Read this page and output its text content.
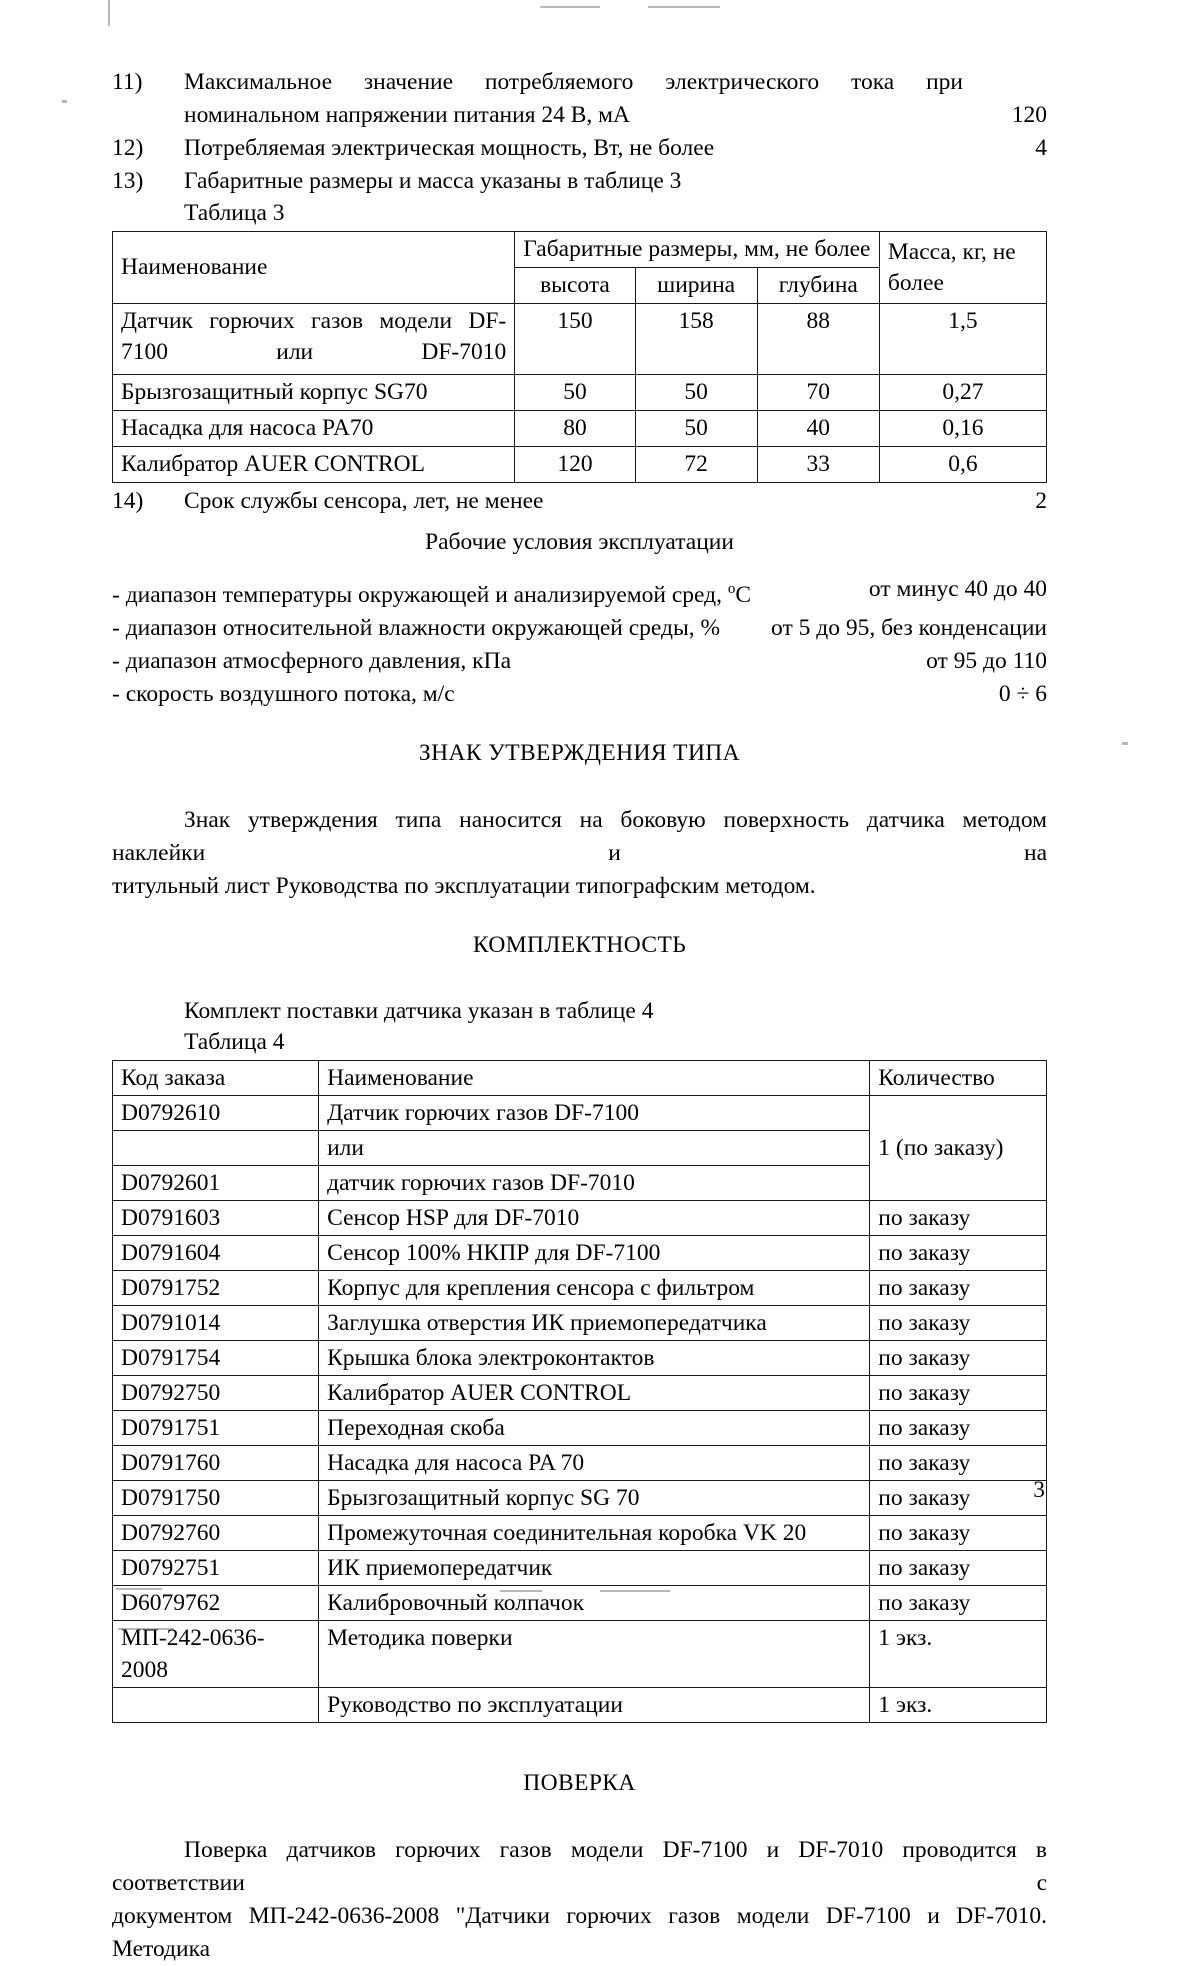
11)	Максимальное значение потребляемого электрического тока при
номинальном напряжении питания 24 В, мА	120
12)	Потребляемая электрическая мощность, Вт, не более	4
13)	Габаритные размеры и масса указаны в таблице 3
Таблица 3
Наименование	Габаритные размеры, мм, не более			Масса, кг, не более
	высота	ширина	глубина	
Датчик горючих газов модели DF-7100 или DF-7010	150	158	88	1,5
Брызгозащитный корпус SG70	50	50	70	0,27
Насадка для насоса PA70	80	50	40	0,16
Калибратор AUER CONTROL	120	72	33	0,6
14)	Срок службы сенсора, лет, не менее	2
Рабочие условия эксплуатации
- диапазон температуры окружающей и анализируемой сред, $^о$С	от минус 40 до 40
- диапазон относительной влажности окружающей среды, %	от 5 до 95, без конденсации
- диапазон атмосферного давления, кПа	от 95 до 110
- скорость воздушного потока, м/с	0 ÷ 6
ЗНАК УТВЕРЖДЕНИЯ ТИПА
Знак утверждения типа наносится на боковую поверхность датчика методом наклейки и на
титульный лист Руководства по эксплуатации типографским методом.
КОМПЛЕКТНОСТЬ
Комплект поставки датчика указан в таблице 4
Таблица 4
Код заказа	Наименование	Количество
D0792610	Датчик горючих газов DF-7100	1 (по заказу)
	или	
D0792601	датчик горючих газов DF-7010	
D0791603	Сенсор HSP для DF-7010	по заказу
D0791604	Сенсор 100% НКПР для DF-7100	по заказу
D0791752	Корпус для крепления сенсора с фильтром	по заказу
D0791014	Заглушка отверстия ИК приемопередатчика	по заказу
D0791754	Крышка блока электроконтактов	по заказу
D0792750	Калибратор AUER CONTROL	по заказу
D0791751	Переходная скоба	по заказу
D0791760	Насадка для насоса PA 70	по заказу
D0791750	Брызгозащитный корпус SG 70	по заказу
D0792760	Промежуточная соединительная коробка VK 20	по заказу
D0792751	ИК приемопередатчик	по заказу
D6079762	Калибровочный колпачок	по заказу
МП-242-0636-2008	Методика поверки	1 экз.
	Руководство по эксплуатации	1 экз.
ПОВЕРКА
Поверка датчиков горючих газов модели DF-7100 и DF-7010 проводится в соответствии с
документом МП-242-0636-2008 "Датчики горючих газов модели DF-7100 и DF-7010. Методика
3
